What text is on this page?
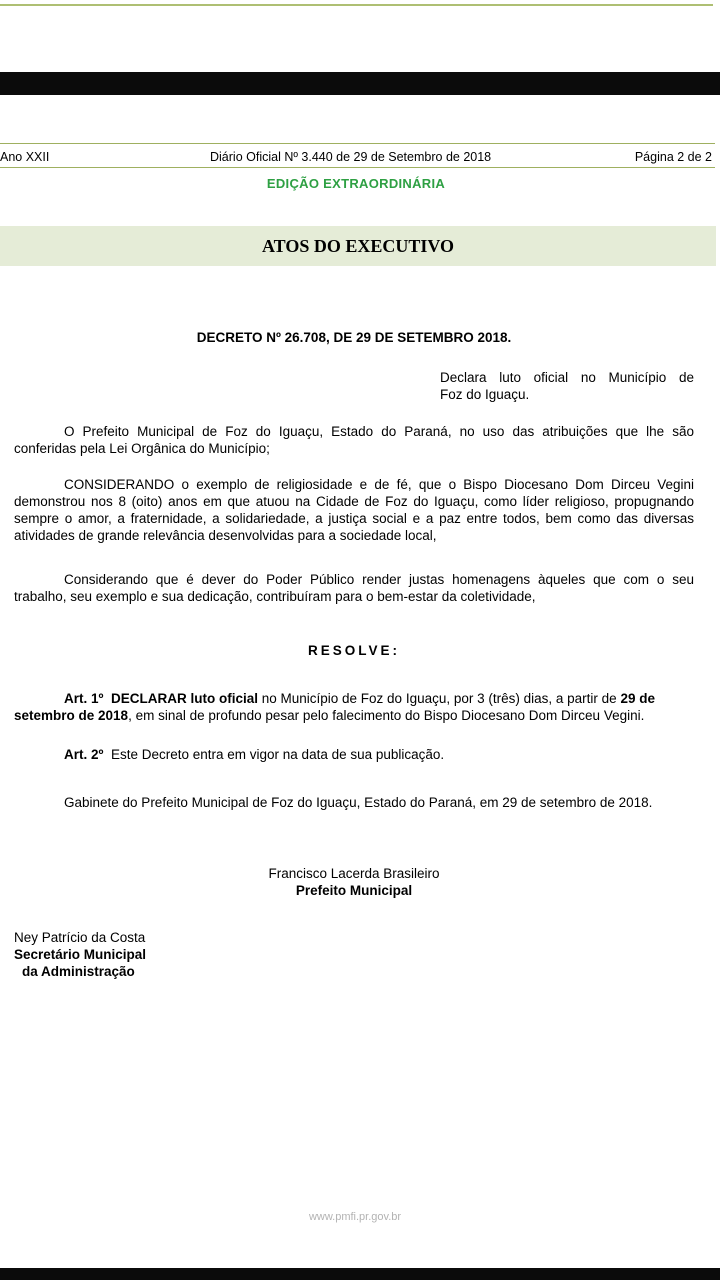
Ano XXII	Diário Oficial Nº 3.440 de 29 de Setembro de 2018	Página 2 de 2
EDIÇÃO EXTRAORDINÁRIA
ATOS DO EXECUTIVO
DECRETO Nº 26.708, DE 29 DE SETEMBRO 2018.
Declara luto oficial no Município de
Foz do Iguaçu.
O Prefeito Municipal de Foz do Iguaçu, Estado do Paraná, no uso das atribuições que lhe são
conferidas pela Lei Orgânica do Município;
CONSIDERANDO o exemplo de religiosidade e de fé, que o Bispo Diocesano Dom Dirceu Vegini
demonstrou nos 8 (oito) anos em que atuou na Cidade de Foz do Iguaçu, como líder religioso, propugnando
sempre o amor, a fraternidade, a solidariedade, a justiça social e a paz entre todos, bem como das diversas
atividades de grande relevância desenvolvidas para a sociedade local,
Considerando que é dever do Poder Público render justas homenagens àqueles que com o seu
trabalho, seu exemplo e sua dedicação, contribuíram para o bem-estar da coletividade,
RESOLVE:
Art. 1º DECLARAR luto oficial no Município de Foz do Iguaçu, por 3 (três) dias, a partir de 29 de
setembro de 2018, em sinal de profundo pesar pelo falecimento do Bispo Diocesano Dom Dirceu Vegini.
Art. 2º Este Decreto entra em vigor na data de sua publicação.
Gabinete do Prefeito Municipal de Foz do Iguaçu, Estado do Paraná, em 29 de setembro de 2018.
Francisco Lacerda Brasileiro
Prefeito Municipal
Ney Patrício da Costa
Secretário Municipal
da Administração
www.pmfi.pr.gov.br
